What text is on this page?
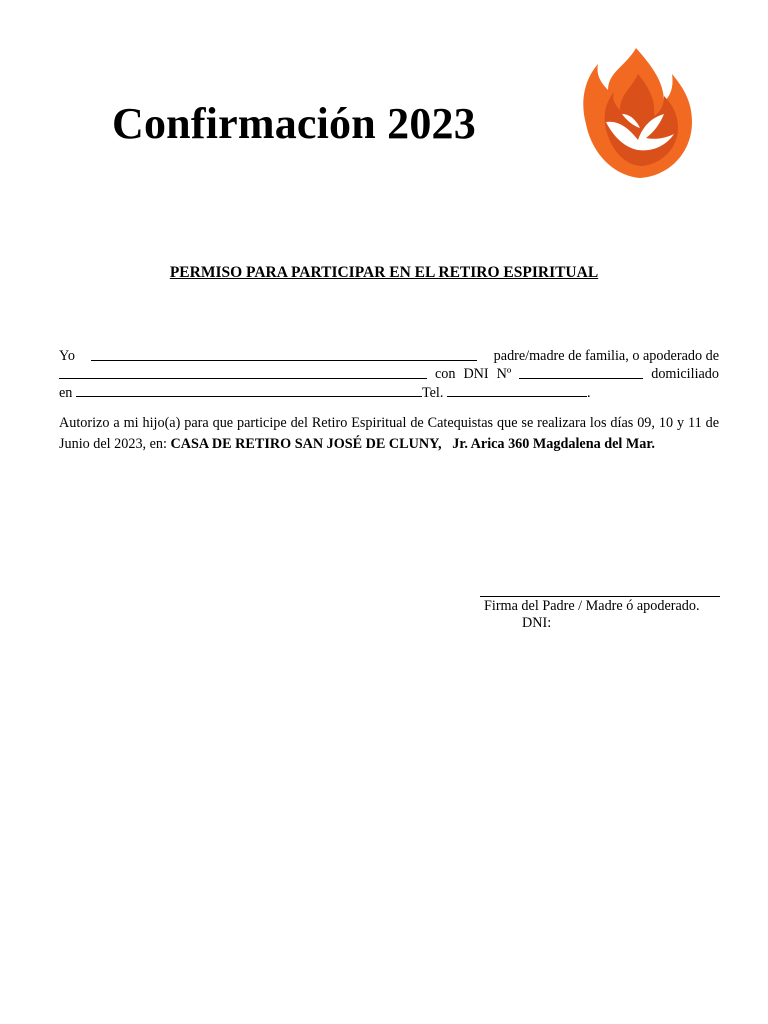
Confirmación 2023
PERMISO PARA PARTICIPAR EN EL RETIRO ESPIRITUAL
Yo	padre/madre de familia, o apoderado de
con DNI Nº	domiciliado
en	Tel.	.
Autorizo a mi hijo(a) para que participe del Retiro Espiritual de Catequistas que se realizara los días 09, 10 y 11 de Junio del 2023, en: CASA DE RETIRO SAN JOSÉ DE CLUNY, Jr. Arica 360 Magdalena del Mar.
Firma del Padre / Madre ó apoderado.
DNI:
